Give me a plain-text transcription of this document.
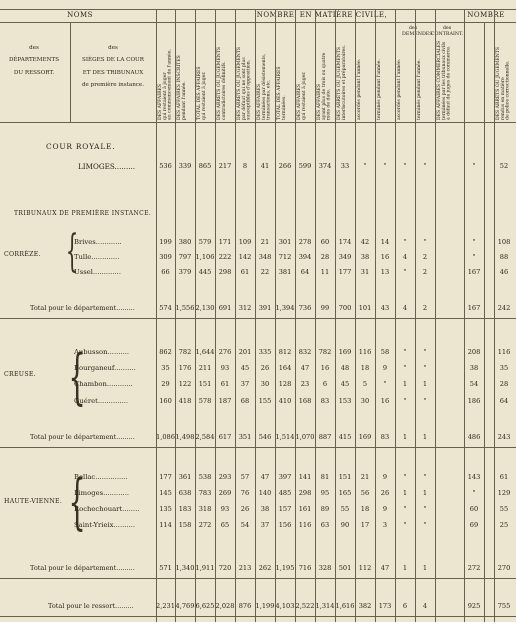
NOMS	NOMBRE, EN MATIÈRE CIVILE,	NOMBRE
des
DÉPARTEMENTS
DU RESSORT.
des
SIÈGES DE LA COUR
ET DES TRIBUNAUX
de première instance.
des
DEMENDES
des
CONTRAINT.
DES AFFAIRES
qui restaient à juger
au commencement de l'année.
DES AFFAIRES INSCRITES
pendant l'année.
TOTAL DES AFFAIRES
qui restaient à juger.
DES ARRÊTS OU JUGEMENTS
contradictoires définitifs.
DES ARRÊTS OU JUGEMENTS
par défaut qui ne sont plus
susceptibles d'opposition.
DES AFFAIRES
terminées par désistements,
transactions, etc.
TOTAL DES AFFAIRES
terminées.	DES AFFAIRES
qui restaient à juger.
DES AFFAIRES
ayant plus de trois ou quatre
mois de date.
DES ARRÊTS OU JUGEMENTS
interlocutoires et préparatoires.	accordés pendant l'année.	terminés pendant l'année.	accordés pendant l'année.	terminés pendant l'année.	DES AFFAIRES COMMERCIALES
terminées par les tribunaux civils
à défaut de juges de commerce.
DES ARRÊTS OU JUGEMENTS
rendus en matière
de police correctionnelle.
COUR ROYALE.
TRIBUNAUX DE PREMIÈRE INSTANCE.
CORRÈZE.
CREUSE.
HAUTE-VIENNE.
{
{
{
LIMOGES.........	536	339	865	217	8	41	266	599	374	33	"	"	"	"	"	52
Brives............	199	380	579	171	109	21	301	278	60	174	42	14	"	"	"	108
Tulle.............	309	797 1,106 222	142	348	712	394	28	349	38	16	4	2	"	88
Ussel.............	66	379	445	298	61	22	381	64	11	177	31	13	"	2	167	46
Total pour le département.........	574 1,556 2,130 691	312	391 1,394 736	99	700	101	43	4	2	167	242
Aubusson..........	862	782 1,644 276	201	335	812	832	782	169	116	58	"	"	208	116
Bourganeuf..........	35	176	211	93	45	26	164	47	16	48	18	9	"	"	38	35
Chambon............	29	122	151	61	37	30	128	23	6	45	5	"	1	1	54	28
Guéret..............	160	418	578	187	68	155	410	168	83	153	30	16	"	"	186	64
Total pour le département.........	1,086 1,498 2,584 617	351	546 1,514 1,070 887	415	169	83	1	1	486	243
Bellac...............	177	361	538	293	57	47	397	141	81	151	21	9	"	"	143	61
Limoges............	145	638	783	269	76	140	485	298	95	165	56	26	1	1	"	129
Rochechouart........	135	183	318	93	26	38	157	161	89	55	18	9	"	"	60	55
Saint-Yrieix..........	114	158	272	65	54	37	156	116	63	90	17	3	"	"	69	25
Total pour le département.........	571 1,340 1,911 720	213	262 1,195 716	328	501	112	47	1	1	272	270
Total pour le ressort.........	2,231 4,769 6,625 2,028 876 1,199 4,103 2,522 1,314 1,616 382	173	6	4	925	755
